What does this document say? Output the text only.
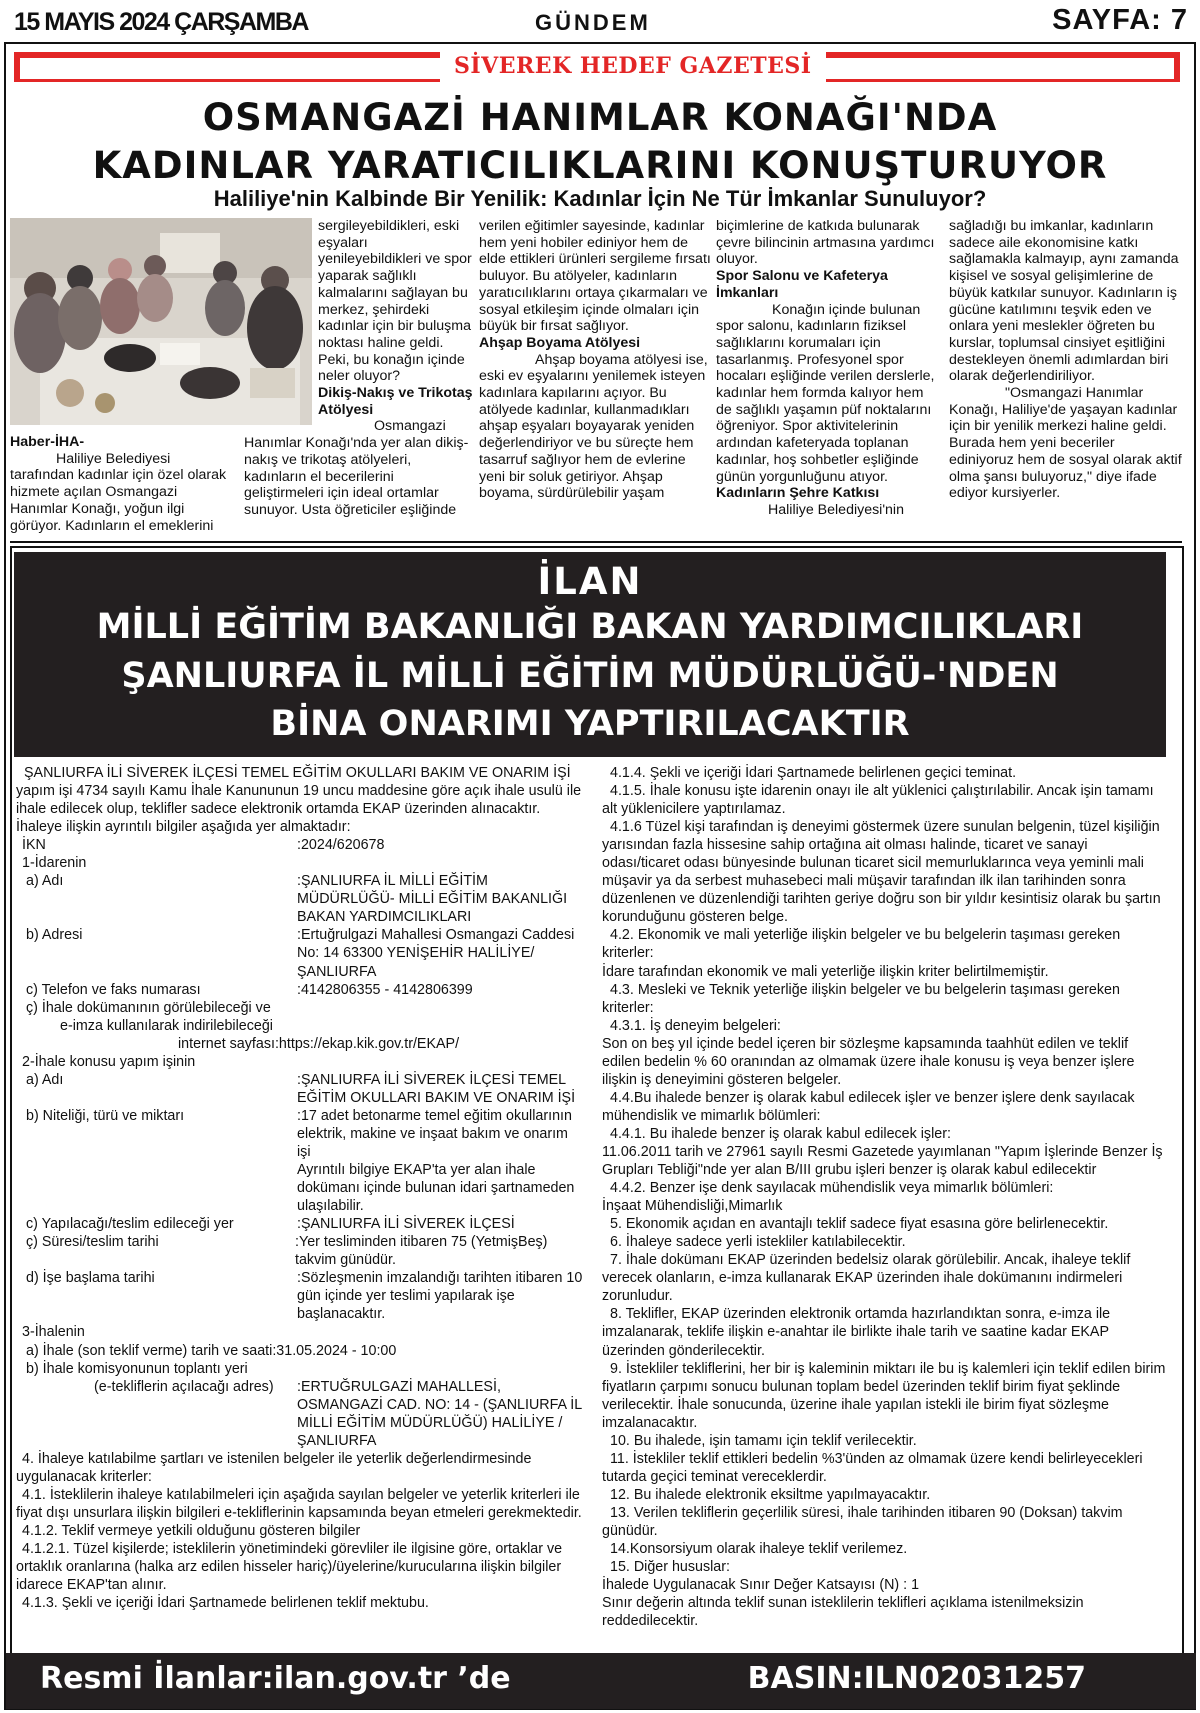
15 MAYIS 2024 ÇARŞAMBA	GÜNDEM	SAYFA: 7
SİVEREK HEDEF GAZETESİ
OSMANGAZİ HANIMLAR KONAĞI'NDA
KADINLAR YARATICILIKLARINI KONUŞTURUYOR
Haliliye'nin Kalbinde Bir Yenilik: Kadınlar İçin Ne Tür İmkanlar Sunuluyor?

Haber-İHA-

Haliliye Belediyesi tarafından kadınlar için özel olarak hizmete açılan Osmangazi Hanımlar Konağı, yoğun ilgi görüyor. Kadınların el emeklerini

sergileyebildikleri, eski eşyaları yenileyebildikleri ve spor yaparak sağlıklı kalmalarını sağlayan bu merkez, şehirdeki kadınlar için bir buluşma noktası haline geldi. Peki, bu konağın içinde neler oluyor?

Dikiş-Nakış ve Trikotaş Atölyesi

Osmangazi Hanımlar Konağı'nda yer alan dikiş-nakış ve trikotaş atölyeleri, kadınların el becerilerini geliştirmeleri için ideal ortamlar sunuyor. Usta öğreticiler eşliğinde

verilen eğitimler sayesinde, kadınlar hem yeni hobiler ediniyor hem de elde ettikleri ürünleri sergileme fırsatı buluyor. Bu atölyeler, kadınların yaratıcılıklarını ortaya çıkarmaları ve sosyal etkileşim içinde olmaları için büyük bir fırsat sağlıyor.

Ahşap Boyama Atölyesi

Ahşap boyama atölyesi ise, eski ev eşyalarını yenilemek isteyen kadınlara kapılarını açıyor. Bu atölyede kadınlar, kullanmadıkları ahşap eşyaları boyayarak yeniden değerlendiriyor ve bu süreçte hem tasarruf sağlıyor hem de evlerine yeni bir soluk getiriyor. Ahşap boyama, sürdürülebilir yaşam

biçimlerine de katkıda bulunarak çevre bilincinin artmasına yardımcı oluyor.

Spor Salonu ve Kafeterya İmkanları

Konağın içinde bulunan spor salonu, kadınların fiziksel sağlıklarını korumaları için tasarlanmış. Profesyonel spor hocaları eşliğinde verilen derslerle, kadınlar hem formda kalıyor hem de sağlıklı yaşamın püf noktalarını öğreniyor. Spor aktivitelerinin ardından kafeteryada toplanan kadınlar, hoş sohbetler eşliğinde günün yorgunluğunu atıyor.

Kadınların Şehre Katkısı

Haliliye Belediyesi'nin

sağladığı bu imkanlar, kadınların sadece aile ekonomisine katkı sağlamakla kalmayıp, aynı zamanda kişisel ve sosyal gelişimlerine de büyük katkılar sunuyor. Kadınların iş gücüne katılımını teşvik eden ve onlara yeni meslekler öğreten bu kurslar, toplumsal cinsiyet eşitliğini destekleyen önemli adımlardan biri olarak değerlendiriliyor.

"Osmangazi Hanımlar Konağı, Haliliye'de yaşayan kadınlar için bir yenilik merkezi haline geldi. Burada hem yeni beceriler ediniyoruz hem de sosyal olarak aktif olma şansı buluyoruz," diye ifade ediyor kursiyerler.

İLAN
MİLLİ EĞİTİM BAKANLIĞI BAKAN YARDIMCILIKLARI
ŞANLIURFA İL MİLLİ EĞİTİM MÜDÜRLÜĞÜ-'NDEN
BİNA ONARIMI YAPTIRILACAKTIR

ŞANLIURFA İLİ SİVEREK İLÇESİ TEMEL EĞİTİM OKULLARI BAKIM VE ONARIM İŞİ yapım işi 4734 sayılı Kamu İhale Kanununun 19 uncu maddesine göre açık ihale usulü ile ihale edilecek olup, teklifler sadece elektronik ortamda EKAP üzerinden alınacaktır. İhaleye ilişkin ayrıntılı bilgiler aşağıda yer almaktadır:

İKN	:2024/620678

1-İdarenin

a) Adı	:ŞANLIURFA İL MİLLİ EĞİTİM MÜDÜRLÜĞÜ- MİLLİ EĞİTİM BAKANLIĞI BAKAN YARDIMCILIKLARI
b) Adresi	:Ertuğrulgazi Mahallesi Osmangazi Caddesi No: 14 63300 YENİŞEHİR HALİLİYE/ŞANLIURFA
c) Telefon ve faks numarası	:4142806355 - 4142806399

ç) İhale dokümanının görülebileceği ve

e-imza kullanılarak indirilebileceği

internet sayfası:https://ekap.kik.gov.tr/EKAP/

2-İhale konusu yapım işinin

a) Adı	:ŞANLIURFA İLİ SİVEREK İLÇESİ TEMEL EĞİTİM OKULLARI BAKIM VE ONARIM İŞİ
b) Niteliği, türü ve miktarı	:17 adet betonarme temel eğitim okullarının elektrik, makine ve inşaat bakım ve onarım işi

Ayrıntılı bilgiye EKAP'ta yer alan ihale dokümanı içinde bulunan idari şartnameden ulaşılabilir.

c) Yapılacağı/teslim edileceği yer	:ŞANLIURFA İLİ SİVEREK İLÇESİ
ç) Süresi/teslim tarihi	:Yer tesliminden itibaren 75 (YetmişBeş) takvim günüdür.
d) İşe başlama tarihi	:Sözleşmenin imzalandığı tarihten itibaren 10 gün içinde yer teslimi yapılarak işe başlanacaktır.

3-İhalenin

a) İhale (son teklif verme) tarih ve saati:31.05.2024 - 10:00

b) İhale komisyonunun toplantı yeri

(e-tekliflerin açılacağı adres)	:ERTUĞRULGAZİ MAHALLESİ, OSMANGAZİ CAD. NO: 14 - (ŞANLIURFA İL MİLLİ EĞİTİM MÜDÜRLÜĞÜ) HALİLİYE / ŞANLIURFA

4. İhaleye katılabilme şartları ve istenilen belgeler ile yeterlik değerlendirmesinde uygulanacak kriterler:

4.1. İsteklilerin ihaleye katılabilmeleri için aşağıda sayılan belgeler ve yeterlik kriterleri ile fiyat dışı unsurlara ilişkin bilgileri e-tekliflerinin kapsamında beyan etmeleri gerekmektedir.

4.1.2. Teklif vermeye yetkili olduğunu gösteren bilgiler

4.1.2.1. Tüzel kişilerde; isteklilerin yönetimindeki görevliler ile ilgisine göre, ortaklar ve ortaklık oranlarına (halka arz edilen hisseler hariç)/üyelerine/kurucularına ilişkin bilgiler idarece EKAP'tan alınır.

4.1.3. Şekli ve içeriği İdari Şartnamede belirlenen teklif mektubu.

4.1.4. Şekli ve içeriği İdari Şartnamede belirlenen geçici teminat.

4.1.5. İhale konusu işte idarenin onayı ile alt yüklenici çalıştırılabilir. Ancak işin tamamı alt yüklenicilere yaptırılamaz.

4.1.6 Tüzel kişi tarafından iş deneyimi göstermek üzere sunulan belgenin, tüzel kişiliğin yarısından fazla hissesine sahip ortağına ait olması halinde, ticaret ve sanayi odası/ticaret odası bünyesinde bulunan ticaret sicil memurluklarınca veya yeminli mali müşavir ya da serbest muhasebeci mali müşavir tarafından ilk ilan tarihinden sonra düzenlenen ve düzenlendiği tarihten geriye doğru son bir yıldır kesintisiz olarak bu şartın korunduğunu gösteren belge.

4.2. Ekonomik ve mali yeterliğe ilişkin belgeler ve bu belgelerin taşıması gereken kriterler:

İdare tarafından ekonomik ve mali yeterliğe ilişkin kriter belirtilmemiştir.

4.3. Mesleki ve Teknik yeterliğe ilişkin belgeler ve bu belgelerin taşıması gereken kriterler:

4.3.1. İş deneyim belgeleri:

Son on beş yıl içinde bedel içeren bir sözleşme kapsamında taahhüt edilen ve teklif edilen bedelin % 60 oranından az olmamak üzere ihale konusu iş veya benzer işlere ilişkin iş deneyimini gösteren belgeler.

4.4.Bu ihalede benzer iş olarak kabul edilecek işler ve benzer işlere denk sayılacak mühendislik ve mimarlık bölümleri:

4.4.1. Bu ihalede benzer iş olarak kabul edilecek işler:

11.06.2011 tarih ve 27961 sayılı Resmi Gazetede yayımlanan "Yapım İşlerinde Benzer İş Grupları Tebliği"nde yer alan B/III grubu işleri benzer iş olarak kabul edilecektir

4.4.2. Benzer işe denk sayılacak mühendislik veya mimarlık bölümleri:

İnşaat Mühendisliği,Mimarlık

5. Ekonomik açıdan en avantajlı teklif sadece fiyat esasına göre belirlenecektir.

6. İhaleye sadece yerli istekliler katılabilecektir.

7. İhale dokümanı EKAP üzerinden bedelsiz olarak görülebilir. Ancak, ihaleye teklif verecek olanların, e-imza kullanarak EKAP üzerinden ihale dokümanını indirmeleri zorunludur.

8. Teklifler, EKAP üzerinden elektronik ortamda hazırlandıktan sonra, e-imza ile imzalanarak, teklife ilişkin e-anahtar ile birlikte ihale tarih ve saatine kadar EKAP üzerinden gönderilecektir.

9. İstekliler tekliflerini, her bir iş kaleminin miktarı ile bu iş kalemleri için teklif edilen birim fiyatların çarpımı sonucu bulunan toplam bedel üzerinden teklif birim fiyat şeklinde verilecektir. İhale sonucunda, üzerine ihale yapılan istekli ile birim fiyat sözleşme imzalanacaktır.

10. Bu ihalede, işin tamamı için teklif verilecektir.

11. İstekliler teklif ettikleri bedelin %3'ünden az olmamak üzere kendi belirleyecekleri tutarda geçici teminat vereceklerdir.

12. Bu ihalede elektronik eksiltme yapılmayacaktır.

13. Verilen tekliflerin geçerlilik süresi, ihale tarihinden itibaren 90 (Doksan) takvim günüdür.

14.Konsorsiyum olarak ihaleye teklif verilemez.

15. Diğer hususlar:

İhalede Uygulanacak Sınır Değer Katsayısı (N) : 1

Sınır değerin altında teklif sunan isteklilerin teklifleri açıklama istenilmeksizin reddedilecektir.

Resmi İlanlar:ilan.gov.tr ’de	BASIN:ILN02031257
